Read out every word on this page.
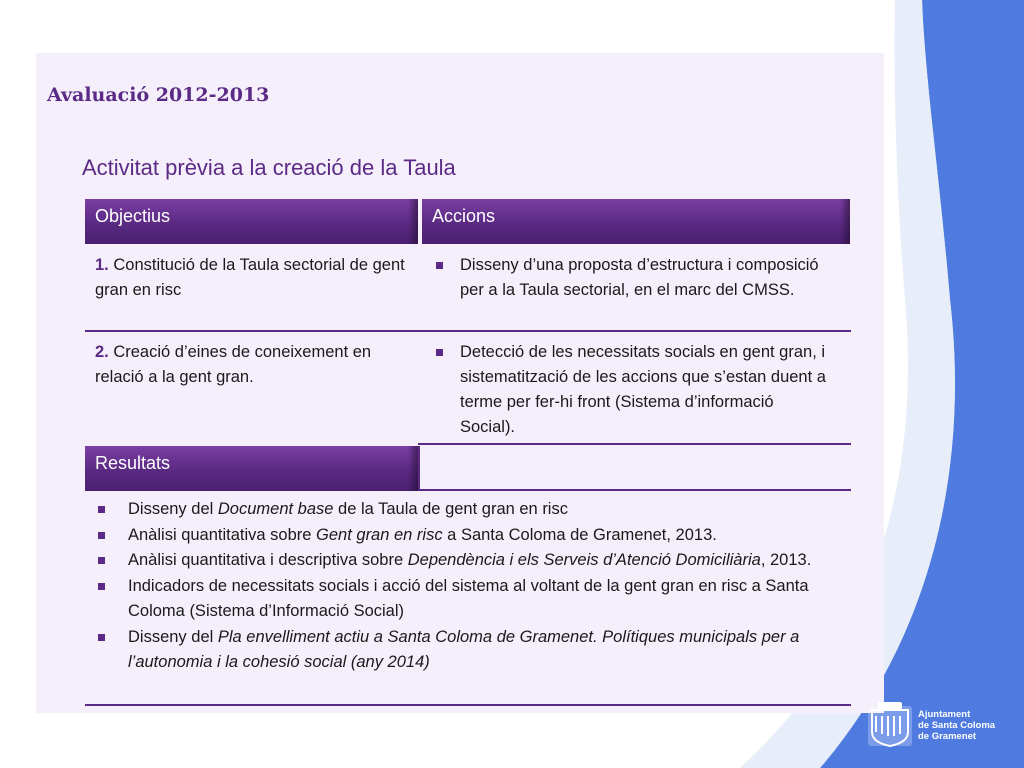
Avaluació 2012-2013
Activitat prèvia a la creació de la Taula
Objectius	Accions
1. Constitució de la Taula sectorial de gent gran en risc
Disseny d’una proposta d’estructura i composició per a la Taula sectorial, en el marc del CMSS.
2. Creació d’eines de coneixement en relació a la gent gran.
Detecció de les necessitats socials en gent gran, i sistematització de les accions que s’estan duent a terme per fer-hi front (Sistema d’informació Social).
Resultats
Disseny del Document base de la Taula de gent gran en risc
Anàlisi quantitativa sobre Gent gran en risc a Santa Coloma de Gramenet, 2013.
Anàlisi quantitativa i descriptiva sobre Dependència i els Serveis d’Atenció Domiciliària, 2013.
Indicadors de necessitats socials i acció del sistema al voltant de la gent gran en risc a Santa Coloma (Sistema d’Informació Social)
Disseny del Pla envelliment actiu a Santa Coloma de Gramenet. Polítiques municipals per a l’autonomia i la cohesió social (any 2014)
Ajuntament
de Santa Coloma
de Gramenet
